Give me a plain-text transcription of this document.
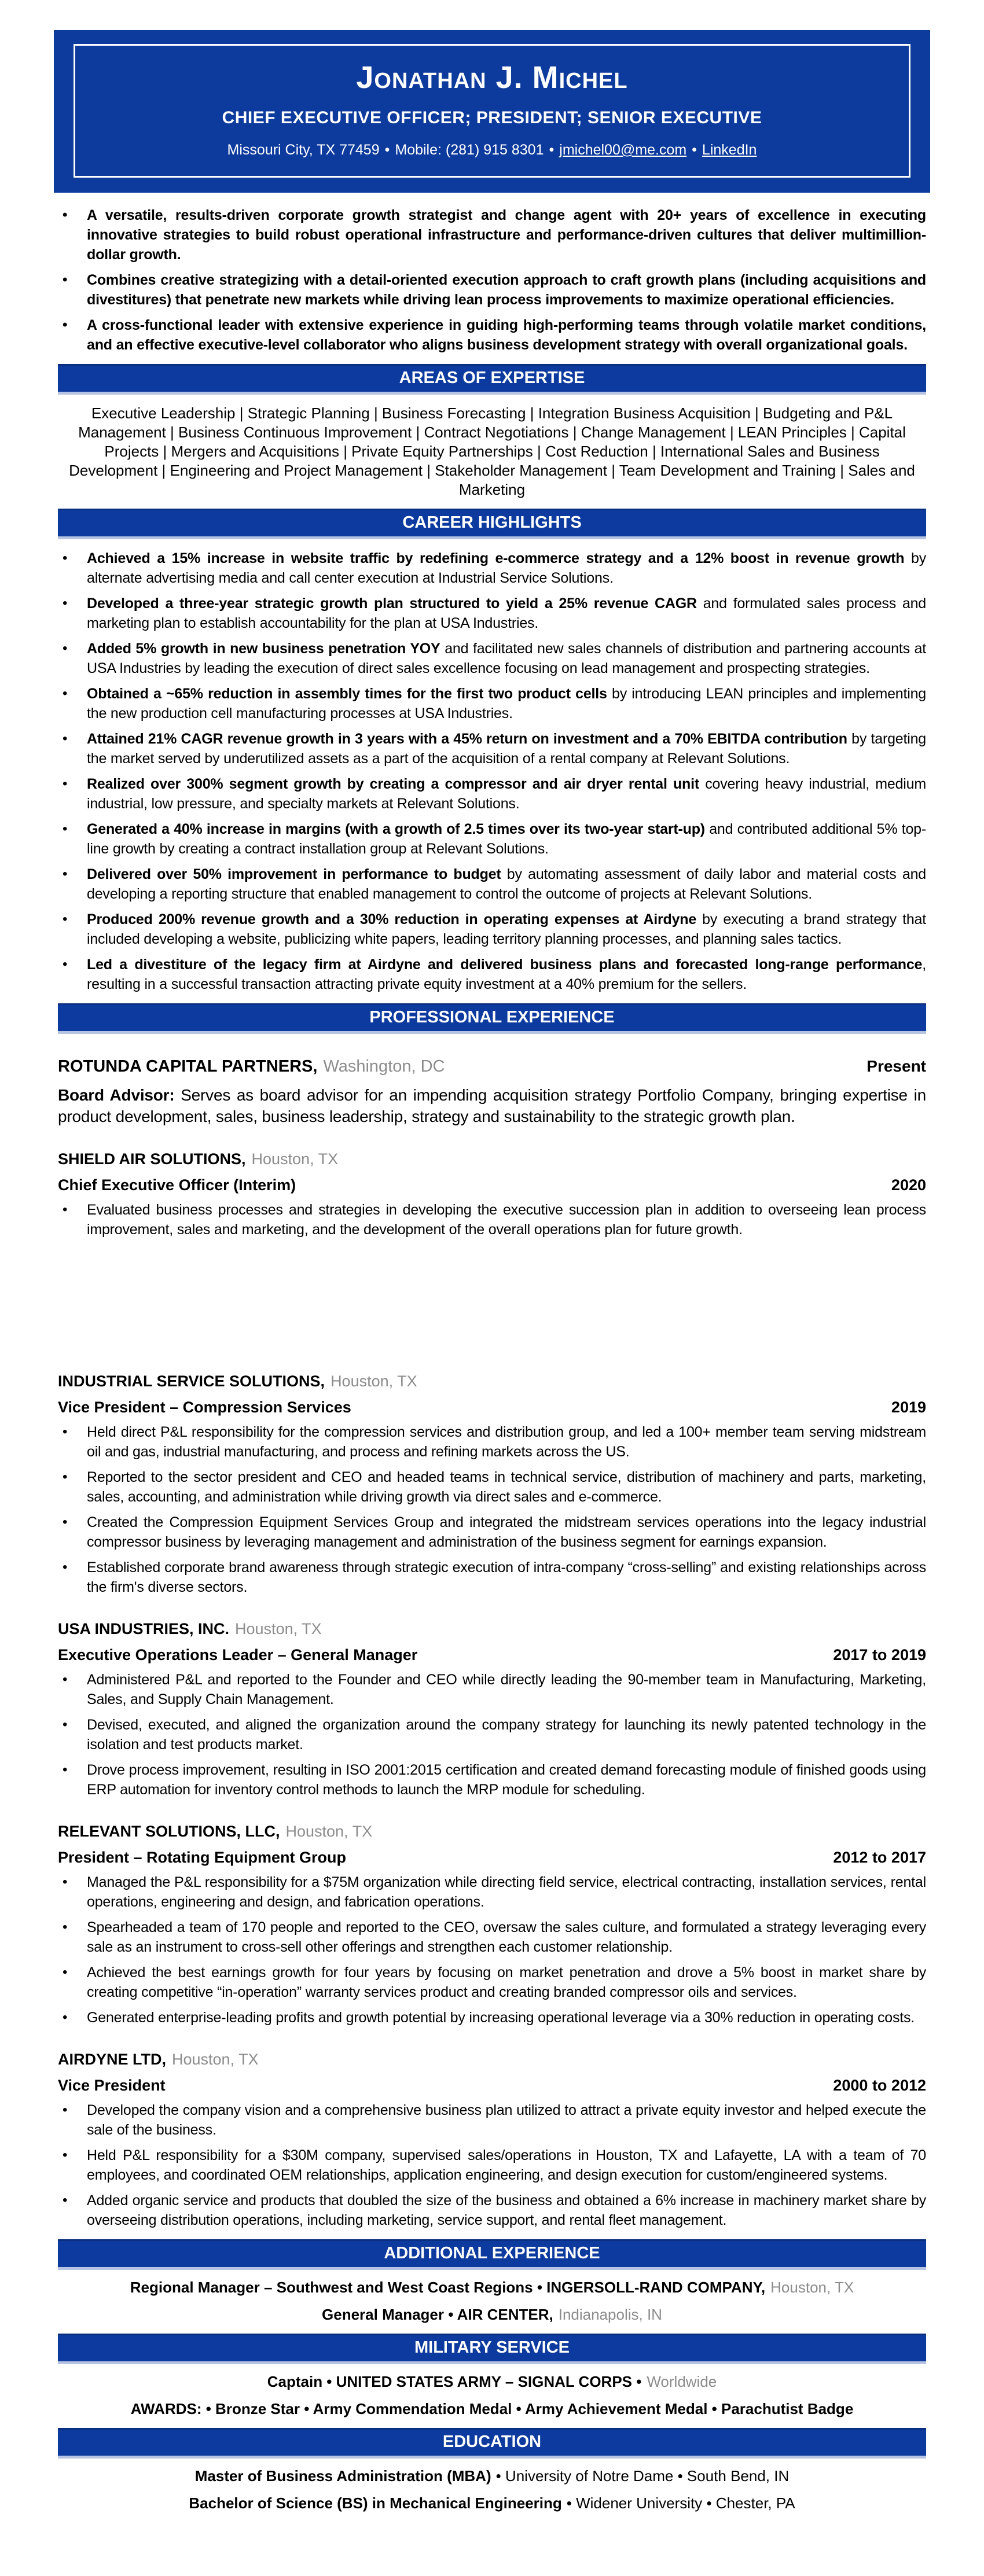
Jonathan J. Michel
CHIEF EXECUTIVE OFFICER; PRESIDENT; SENIOR EXECUTIVE
Missouri City, TX 77459 • Mobile: (281) 915 8301 • jmichel00@me.com • LinkedIn
• A versatile, results-driven corporate growth strategist and change agent with 20+ years of excellence in executing innovative strategies to build robust operational infrastructure and performance-driven cultures that deliver multimillion-dollar growth.
• Combines creative strategizing with a detail-oriented execution approach to craft growth plans (including acquisitions and divestitures) that penetrate new markets while driving lean process improvements to maximize operational efficiencies.
• A cross-functional leader with extensive experience in guiding high-performing teams through volatile market conditions, and an effective executive-level collaborator who aligns business development strategy with overall organizational goals.
AREAS OF EXPERTISE

Executive Leadership | Strategic Planning | Business Forecasting | Integration Business Acquisition | Budgeting and P&L Management | Business Continuous Improvement | Contract Negotiations | Change Management | LEAN Principles | Capital Projects | Mergers and Acquisitions | Private Equity Partnerships | Cost Reduction | International Sales and Business Development | Engineering and Project Management | Stakeholder Management | Team Development and Training | Sales and Marketing

CAREER HIGHLIGHTS
• Achieved a 15% increase in website traffic by redefining e-commerce strategy and a 12% boost in revenue growth by alternate advertising media and call center execution at Industrial Service Solutions.
• Developed a three-year strategic growth plan structured to yield a 25% revenue CAGR and formulated sales process and marketing plan to establish accountability for the plan at USA Industries.
• Added 5% growth in new business penetration YOY and facilitated new sales channels of distribution and partnering accounts at USA Industries by leading the execution of direct sales excellence focusing on lead management and prospecting strategies.
• Obtained a ~65% reduction in assembly times for the first two product cells by introducing LEAN principles and implementing the new production cell manufacturing processes at USA Industries.
• Attained 21% CAGR revenue growth in 3 years with a 45% return on investment and a 70% EBITDA contribution by targeting the market served by underutilized assets as a part of the acquisition of a rental company at Relevant Solutions.
• Realized over 300% segment growth by creating a compressor and air dryer rental unit covering heavy industrial, medium industrial, low pressure, and specialty markets at Relevant Solutions.
• Generated a 40% increase in margins (with a growth of 2.5 times over its two-year start-up) and contributed additional 5% top-line growth by creating a contract installation group at Relevant Solutions.
• Delivered over 50% improvement in performance to budget by automating assessment of daily labor and material costs and developing a reporting structure that enabled management to control the outcome of projects at Relevant Solutions.
• Produced 200% revenue growth and a 30% reduction in operating expenses at Airdyne by executing a brand strategy that included developing a website, publicizing white papers, leading territory planning processes, and planning sales tactics.
• Led a divestiture of the legacy firm at Airdyne and delivered business plans and forecasted long-range performance, resulting in a successful transaction attracting private equity investment at a 40% premium for the sellers.
PROFESSIONAL EXPERIENCE
ROTUNDA CAPITAL PARTNERS, Washington, DC	Present

Board Advisor: Serves as board advisor for an impending acquisition strategy Portfolio Company, bringing expertise in product development, sales, business leadership, strategy and sustainability to the strategic growth plan.

SHIELD AIR SOLUTIONS, Houston, TX
Chief Executive Officer (Interim)	2020
• Evaluated business processes and strategies in developing the executive succession plan in addition to overseeing lean process improvement, sales and marketing, and the development of the overall operations plan for future growth.
INDUSTRIAL SERVICE SOLUTIONS, Houston, TX
Vice President – Compression Services	2019
• Held direct P&L responsibility for the compression services and distribution group, and led a 100+ member team serving midstream oil and gas, industrial manufacturing, and process and refining markets across the US.
• Reported to the sector president and CEO and headed teams in technical service, distribution of machinery and parts, marketing, sales, accounting, and administration while driving growth via direct sales and e-commerce.
• Created the Compression Equipment Services Group and integrated the midstream services operations into the legacy industrial compressor business by leveraging management and administration of the business segment for earnings expansion.
• Established corporate brand awareness through strategic execution of intra-company “cross-selling” and existing relationships across the firm's diverse sectors.
USA INDUSTRIES, INC. Houston, TX
Executive Operations Leader – General Manager	2017 to 2019
• Administered P&L and reported to the Founder and CEO while directly leading the 90-member team in Manufacturing, Marketing, Sales, and Supply Chain Management.
• Devised, executed, and aligned the organization around the company strategy for launching its newly patented technology in the isolation and test products market.
• Drove process improvement, resulting in ISO 2001:2015 certification and created demand forecasting module of finished goods using ERP automation for inventory control methods to launch the MRP module for scheduling.
RELEVANT SOLUTIONS, LLC, Houston, TX
President – Rotating Equipment Group	2012 to 2017
• Managed the P&L responsibility for a $75M organization while directing field service, electrical contracting, installation services, rental operations, engineering and design, and fabrication operations.
• Spearheaded a team of 170 people and reported to the CEO, oversaw the sales culture, and formulated a strategy leveraging every sale as an instrument to cross-sell other offerings and strengthen each customer relationship.
• Achieved the best earnings growth for four years by focusing on market penetration and drove a 5% boost in market share by creating competitive “in-operation” warranty services product and creating branded compressor oils and services.
• Generated enterprise-leading profits and growth potential by increasing operational leverage via a 30% reduction in operating costs.
AIRDYNE LTD, Houston, TX
Vice President	2000 to 2012
• Developed the company vision and a comprehensive business plan utilized to attract a private equity investor and helped execute the sale of the business.
• Held P&L responsibility for a $30M company, supervised sales/operations in Houston, TX and Lafayette, LA with a team of 70 employees, and coordinated OEM relationships, application engineering, and design execution for custom/engineered systems.
• Added organic service and products that doubled the size of the business and obtained a 6% increase in machinery market share by overseeing distribution operations, including marketing, service support, and rental fleet management.
ADDITIONAL EXPERIENCE

Regional Manager – Southwest and West Coast Regions • INGERSOLL-RAND COMPANY, Houston, TX

General Manager • AIR CENTER, Indianapolis, IN

MILITARY SERVICE

Captain • UNITED STATES ARMY – SIGNAL CORPS • Worldwide

AWARDS: • Bronze Star • Army Commendation Medal • Army Achievement Medal • Parachutist Badge

EDUCATION

Master of Business Administration (MBA) • University of Notre Dame • South Bend, IN

Bachelor of Science (BS) in Mechanical Engineering • Widener University • Chester, PA
